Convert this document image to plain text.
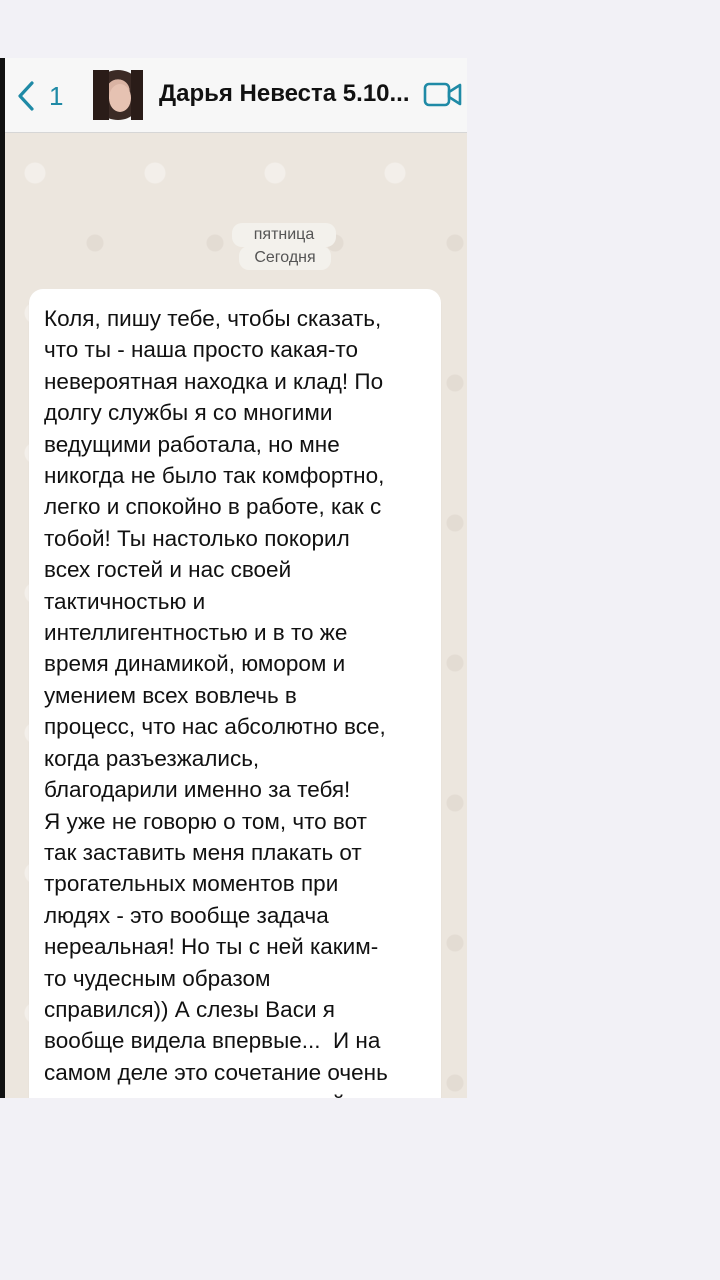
1	Дарья Невеста 5.10...
пятница
Сегодня

Коля, пишу тебе, чтобы сказать,
что ты - наша просто какая-то
невероятная находка и клад! По
долгу службы я со многими
ведущими работала, но мне
никогда не было так комфортно,
легко и спокойно в работе, как с
тобой! Ты настолько покорил
всех гостей и нас своей
тактичностью и
интеллигентностью и в то же
время динамикой, юмором и
умением всех вовлечь в
процесс, что нас абсолютно все,
когда разъезжались,
благодарили именно за тебя!
Я уже не говорю о том, что вот
так заставить меня плакать от
трогательных моментов при
людях - это вообще задача
нереальная! Но ты с ней каким-
то чудесным образом
справился)) А слезы Васи я
вообще видела впервые...  И на
самом деле это сочетание очень
